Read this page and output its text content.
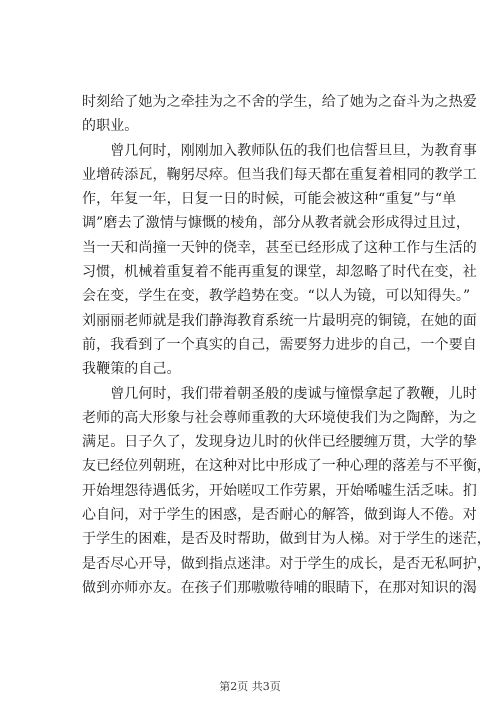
时刻给了她为之牵挂为之不舍的学生，给了她为之奋斗为之热爱
的职业。
　　曾几何时，刚刚加入教师队伍的我们也信誓旦旦，为教育事
业增砖添瓦，鞠躬尽瘁。但当我们每天都在重复着相同的教学工
作，年复一年，日复一日的时候，可能会被这种“重复”与“单
调”磨去了激情与慷慨的棱角，部分从教者就会形成得过且过，
当一天和尚撞一天钟的侥幸，甚至已经形成了这种工作与生活的
习惯，机械着重复着不能再重复的课堂，却忽略了时代在变，社
会在变，学生在变，教学趋势在变。“以人为镜，可以知得失。”
刘丽丽老师就是我们静海教育系统一片最明亮的铜镜，在她的面
前，我看到了一个真实的自己，需要努力进步的自己，一个要自
我鞭策的自己。
　　曾几何时，我们带着朝圣般的虔诚与憧憬拿起了教鞭，儿时
老师的高大形象与社会尊师重教的大环境使我们为之陶醉，为之
满足。日子久了，发现身边儿时的伙伴已经腰缠万贯，大学的挚
友已经位列朝班，在这种对比中形成了一种心理的落差与不平衡，
开始埋怨待遇低劣，开始嗟叹工作劳累，开始唏嘘生活乏味。扪
心自问，对于学生的困惑，是否耐心的解答，做到诲人不倦。对
于学生的困难，是否及时帮助，做到甘为人梯。对于学生的迷茫，
是否尽心开导，做到指点迷津。对于学生的成长，是否无私呵护，
做到亦师亦友。在孩子们那嗷嗷待哺的眼睛下，在那对知识的渴
第2页 共3页
